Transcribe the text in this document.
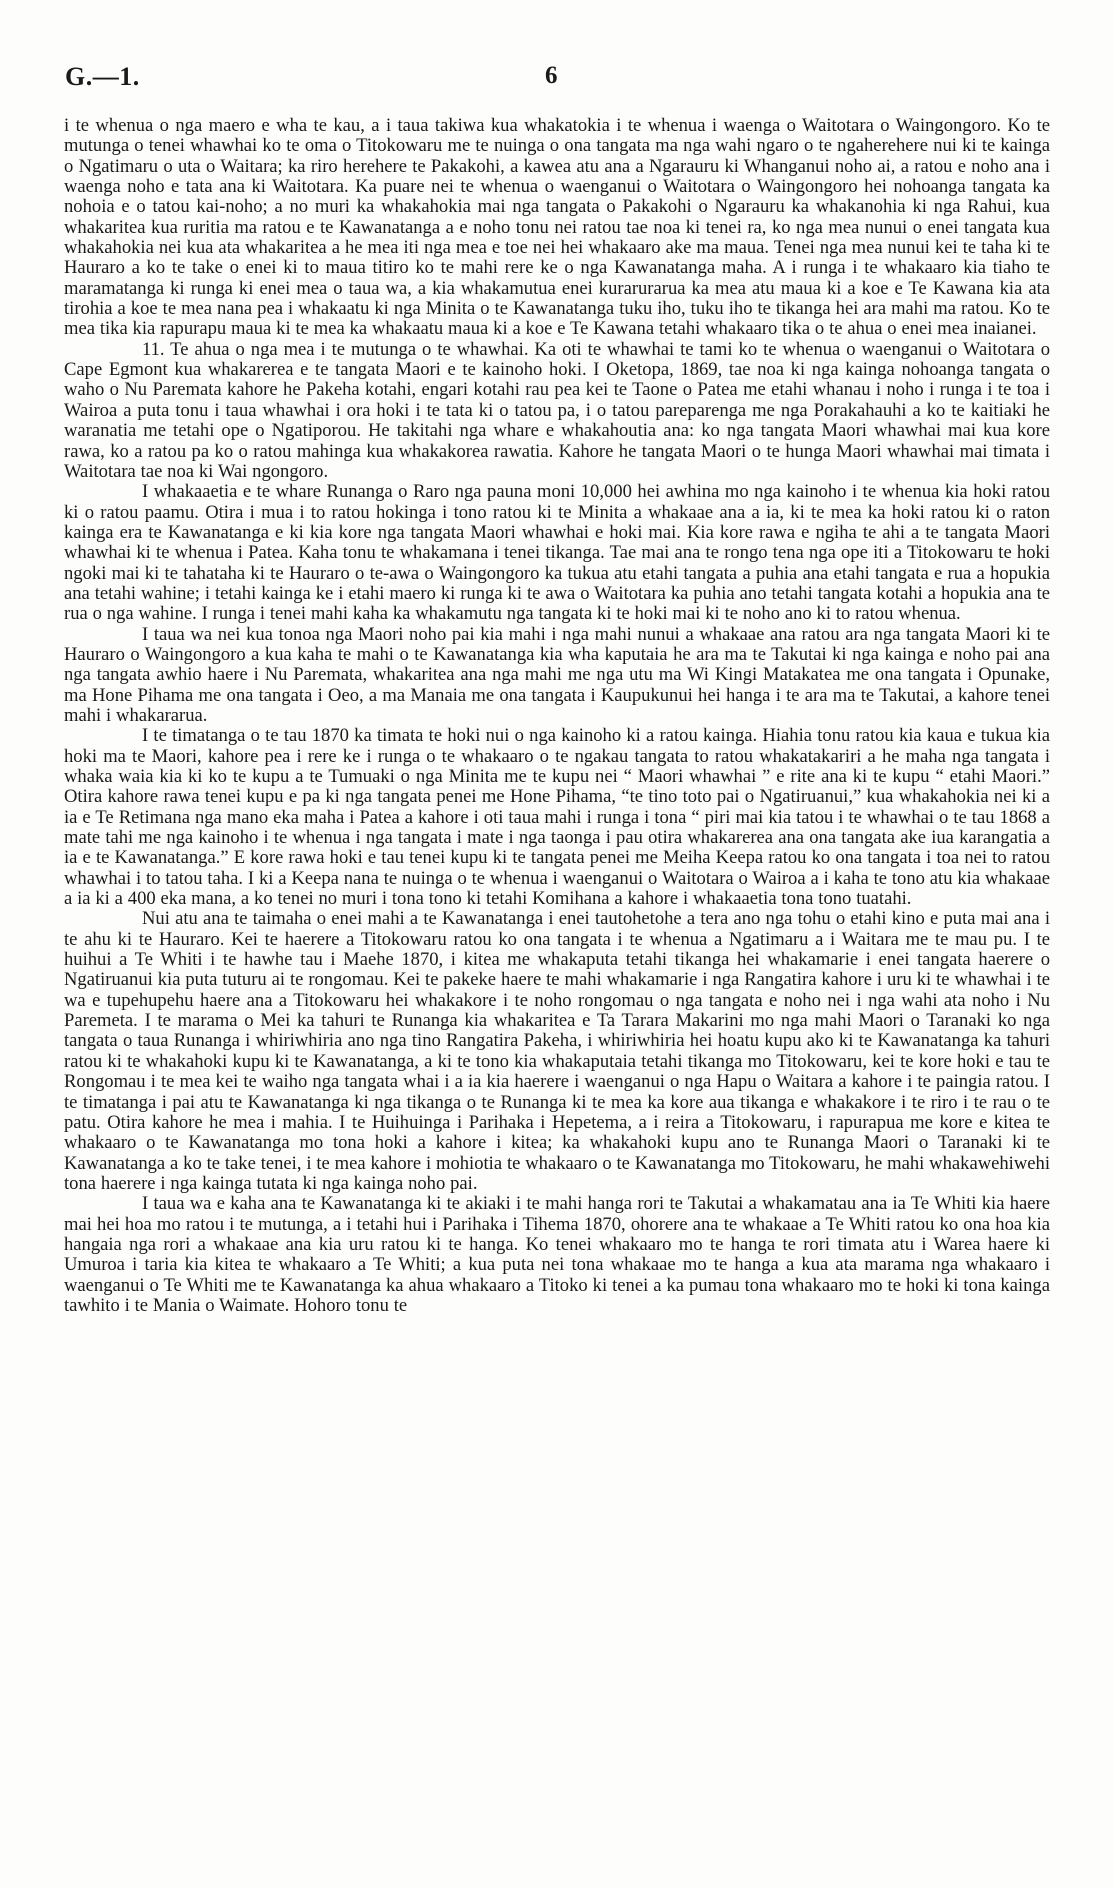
G.—1.	6

i te whenua o nga maero e wha te kau, a i taua takiwa kua whakatokia i te whenua i waenga o Waitotara o Waingongoro. Ko te mutunga o tenei whawhai ko te oma o Titokowaru me te nuinga o ona tangata ma nga wahi ngaro o te ngaherehere nui ki te kainga o Ngatimaru o uta o Waitara; ka riro herehere te Pakakohi, a kawea atu ana a Ngarauru ki Whanganui noho ai, a ratou e noho ana i waenga noho e tata ana ki Waitotara. Ka puare nei te whenua o waenganui o Waitotara o Waingongoro hei nohoanga tangata ka nohoia e o tatou kai-noho; a no muri ka whakahokia mai nga tangata o Pakakohi o Ngarauru ka whakanohia ki nga Rahui, kua whakaritea kua ruritia ma ratou e te Kawanatanga a e noho tonu nei ratou tae noa ki tenei ra, ko nga mea nunui o enei tangata kua whakahokia nei kua ata whakaritea a he mea iti nga mea e toe nei hei whakaaro ake ma maua. Tenei nga mea nunui kei te taha ki te Hauraro a ko te take o enei ki to maua titiro ko te mahi rere ke o nga Kawanatanga maha. A i runga i te whakaaro kia tiaho te maramatanga ki runga ki enei mea o taua wa, a kia whakamutua enei kurarurarua ka mea atu maua ki a koe e Te Kawana kia ata tirohia a koe te mea nana pea i whakaatu ki nga Minita o te Kawanatanga tuku iho, tuku iho te tikanga hei ara mahi ma ratou. Ko te mea tika kia rapurapu maua ki te mea ka whakaatu maua ki a koe e Te Kawana tetahi whakaaro tika o te ahua o enei mea inaianei.

11. Te ahua o nga mea i te mutunga o te whawhai. Ka oti te whawhai te tami ko te whenua o waenganui o Waitotara o Cape Egmont kua whakarerea e te tangata Maori e te kainoho hoki. I Oketopa, 1869, tae noa ki nga kainga nohoanga tangata o waho o Nu Paremata kahore he Pakeha kotahi, engari kotahi rau pea kei te Taone o Patea me etahi whanau i noho i runga i te toa i Wairoa a puta tonu i taua whawhai i ora hoki i te tata ki o tatou pa, i o tatou pareparenga me nga Porakahauhi a ko te kaitiaki he waranatia me tetahi ope o Ngatiporou. He takitahi nga whare e whakahoutia ana: ko nga tangata Maori whawhai mai kua kore rawa, ko a ratou pa ko o ratou mahinga kua whakakorea rawatia. Kahore he tangata Maori o te hunga Maori whawhai mai timata i Waitotara tae noa ki Wai ngongoro.

I whakaaetia e te whare Runanga o Raro nga pauna moni 10,000 hei awhina mo nga kainoho i te whenua kia hoki ratou ki o ratou paamu. Otira i mua i to ratou hokinga i tono ratou ki te Minita a whakaae ana a ia, ki te mea ka hoki ratou ki o raton kainga era te Kawanatanga e ki kia kore nga tangata Maori whawhai e hoki mai. Kia kore rawa e ngiha te ahi a te tangata Maori whawhai ki te whenua i Patea. Kaha tonu te whakamana i tenei tikanga. Tae mai ana te rongo tena nga ope iti a Titokowaru te hoki ngoki mai ki te tahataha ki te Hauraro o te-awa o Waingongoro ka tukua atu etahi tangata a puhia ana etahi tangata e rua a hopukia ana tetahi wahine; i tetahi kainga ke i etahi maero ki runga ki te awa o Waitotara ka puhia ano tetahi tangata kotahi a hopukia ana te rua o nga wahine. I runga i tenei mahi kaha ka whakamutu nga tangata ki te hoki mai ki te noho ano ki to ratou whenua.

I taua wa nei kua tonoa nga Maori noho pai kia mahi i nga mahi nunui a whakaae ana ratou ara nga tangata Maori ki te Hauraro o Waingongoro a kua kaha te mahi o te Kawanatanga kia wha kaputaia he ara ma te Takutai ki nga kainga e noho pai ana nga tangata awhio haere i Nu Paremata, whakaritea ana nga mahi me nga utu ma Wi Kingi Matakatea me ona tangata i Opunake, ma Hone Pihama me ona tangata i Oeo, a ma Manaia me ona tangata i Kaupukunui hei hanga i te ara ma te Takutai, a kahore tenei mahi i whakararua.

I te timatanga o te tau 1870 ka timata te hoki nui o nga kainoho ki a ratou kainga. Hiahia tonu ratou kia kaua e tukua kia hoki ma te Maori, kahore pea i rere ke i runga o te whakaaro o te ngakau tangata to ratou whakatakariri a he maha nga tangata i whaka waia kia ki ko te kupu a te Tumuaki o nga Minita me te kupu nei “ Maori whawhai ” e rite ana ki te kupu “ etahi Maori.” Otira kahore rawa tenei kupu e pa ki nga tangata penei me Hone Pihama, “te tino toto pai o Ngatiruanui,” kua whakahokia nei ki a ia e Te Retimana nga mano eka maha i Patea a kahore i oti taua mahi i runga i tona “ piri mai kia tatou i te whawhai o te tau 1868 a mate tahi me nga kainoho i te whenua i nga tangata i mate i nga taonga i pau otira whakarerea ana ona tangata ake iua karangatia a ia e te Kawanatanga.” E kore rawa hoki e tau tenei kupu ki te tangata penei me Meiha Keepa ratou ko ona tangata i toa nei to ratou whawhai i to tatou taha. I ki a Keepa nana te nuinga o te whenua i waenganui o Waitotara o Wairoa a i kaha te tono atu kia whakaae a ia ki a 400 eka mana, a ko tenei no muri i tona tono ki tetahi Komihana a kahore i whakaaetia tona tono tuatahi.

Nui atu ana te taimaha o enei mahi a te Kawanatanga i enei tautohetohe a tera ano nga tohu o etahi kino e puta mai ana i te ahu ki te Hauraro. Kei te haerere a Titokowaru ratou ko ona tangata i te whenua a Ngatimaru a i Waitara me te mau pu. I te huihui a Te Whiti i te hawhe tau i Maehe 1870, i kitea me whakaputa tetahi tikanga hei whakamarie i enei tangata haerere o Ngatiruanui kia puta tuturu ai te rongomau. Kei te pakeke haere te mahi whakamarie i nga Rangatira kahore i uru ki te whawhai i te wa e tupehupehu haere ana a Titokowaru hei whakakore i te noho rongomau o nga tangata e noho nei i nga wahi ata noho i Nu Paremeta. I te marama o Mei ka tahuri te Runanga kia whakaritea e Ta Tarara Makarini mo nga mahi Maori o Taranaki ko nga tangata o taua Runanga i whiriwhiria ano nga tino Rangatira Pakeha, i whiriwhiria hei hoatu kupu ako ki te Kawanatanga ka tahuri ratou ki te whakahoki kupu ki te Kawanatanga, a ki te tono kia whakaputaia tetahi tikanga mo Titokowaru, kei te kore hoki e tau te Rongomau i te mea kei te waiho nga tangata whai i a ia kia haerere i waenganui o nga Hapu o Waitara a kahore i te paingia ratou. I te timatanga i pai atu te Kawanatanga ki nga tikanga o te Runanga ki te mea ka kore aua tikanga e whakakore i te riro i te rau o te patu. Otira kahore he mea i mahia. I te Huihuinga i Parihaka i Hepetema, a i reira a Titokowaru, i rapurapua me kore e kitea te whakaaro o te Kawanatanga mo tona hoki a kahore i kitea; ka whakahoki kupu ano te Runanga Maori o Taranaki ki te Kawanatanga a ko te take tenei, i te mea kahore i mohiotia te whakaaro o te Kawanatanga mo Titokowaru, he mahi whakawehiwehi tona haerere i nga kainga tutata ki nga kainga noho pai.

I taua wa e kaha ana te Kawanatanga ki te akiaki i te mahi hanga rori te Takutai a whakamatau ana ia Te Whiti kia haere mai hei hoa mo ratou i te mutunga, a i tetahi hui i Parihaka i Tihema 1870, ohorere ana te whakaae a Te Whiti ratou ko ona hoa kia hangaia nga rori a whakaae ana kia uru ratou ki te hanga. Ko tenei whakaaro mo te hanga te rori timata atu i Warea haere ki Umuroa i taria kia kitea te whakaaro a Te Whiti; a kua puta nei tona whakaae mo te hanga a kua ata marama nga whakaaro i waenganui o Te Whiti me te Kawanatanga ka ahua whakaaro a Titoko ki tenei a ka pumau tona whakaaro mo te hoki ki tona kainga tawhito i te Mania o Waimate. Hohoro tonu te
